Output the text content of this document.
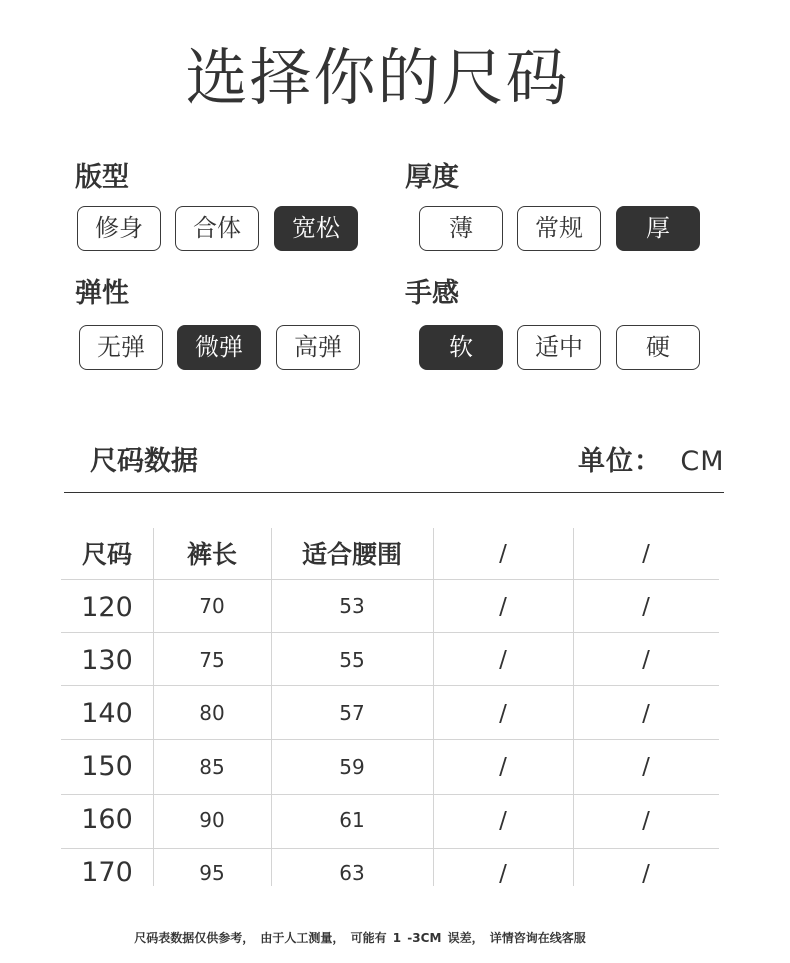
选择你的尺码
版型
修身	合体	宽松
厚度
薄	常规	厚
弹性
无弹	微弹	高弹
手感
软	适中	硬
尺码数据	单位： CM
尺码	裤长	适合腰围	/	/
120	70	53	/	/
130	75	55	/	/
140	80	57	/	/
150	85	59	/	/
160	90	61	/	/
170	95	63	/	/
尺码表数据仅供参考， 由于人工测量， 可能有 1 -3CM 误差， 详情咨询在线客服
